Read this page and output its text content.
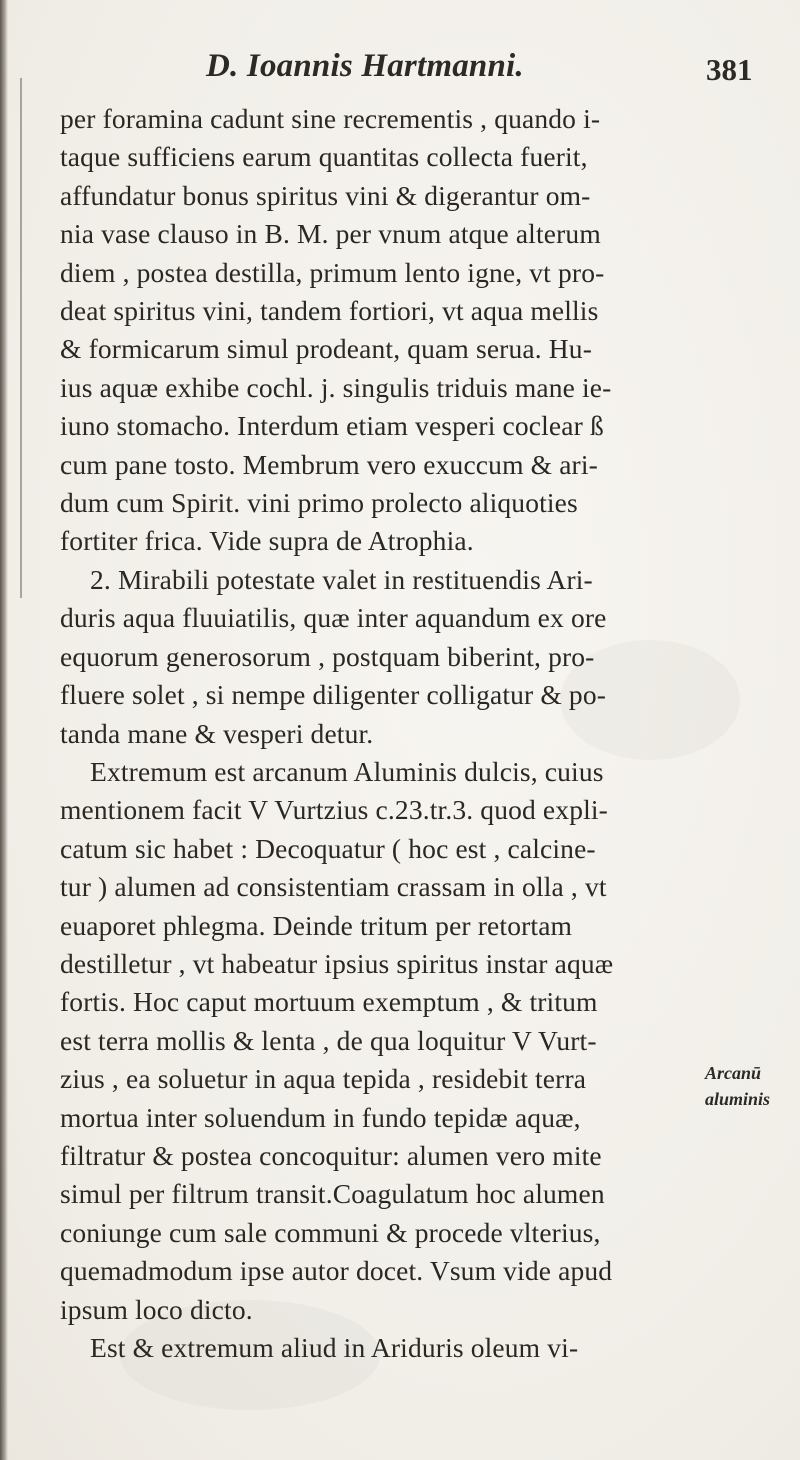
D. Ioannis Hartmanni.	381
per foramina cadunt sine recrementis , quando i-
taque sufficiens earum quantitas collecta fuerit,
affundatur bonus spiritus vini & digerantur om-
nia vase clauso in B. M. per vnum atque alterum
diem , postea destilla, primum lento igne, vt pro-
deat spiritus vini, tandem fortiori, vt aqua mellis
& formicarum simul prodeant, quam serua. Hu-
ius aquæ exhibe cochl. j. singulis triduis mane ie-
iuno stomacho. Interdum etiam vesperi coclear ß
cum pane tosto. Membrum vero exuccum & ari-
dum cum Spirit. vini primo prolecto aliquoties
fortiter frica. Vide supra de Atrophia.
2. Mirabili potestate valet in restituendis Ari-
duris aqua fluuiatilis, quæ inter aquandum ex ore
equorum generosorum , postquam biberint, pro-
fluere solet , si nempe diligenter colligatur & po-
tanda mane & vesperi detur.
Extremum est arcanum Aluminis dulcis, cuius
mentionem facit V Vurtzius c.23.tr.3. quod expli-
catum sic habet : Decoquatur ( hoc est , calcine-
tur ) alumen ad consistentiam crassam in olla , vt
euaporet phlegma. Deinde tritum per retortam
destilletur , vt habeatur ipsius spiritus instar aquæ
fortis. Hoc caput mortuum exemptum , & tritum
est terra mollis & lenta , de qua loquitur V Vurt-
zius , ea soluetur in aqua tepida , residebit terra
mortua inter soluendum in fundo tepidæ aquæ,
filtratur & postea concoquitur: alumen vero mite
simul per filtrum transit.Coagulatum hoc alumen
coniunge cum sale communi & procede vlterius,
quemadmodum ipse autor docet. Vsum vide apud
ipsum loco dicto.
Est & extremum aliud in Ariduris oleum vi-
Arcanū
aluminis
